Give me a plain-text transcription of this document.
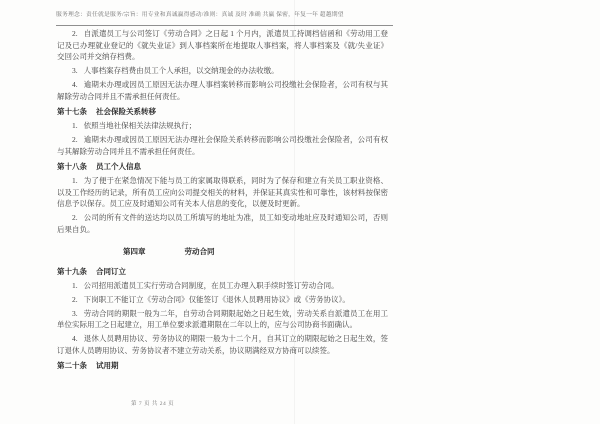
服务理念：责任就是服务/宗旨：用专业和真诚赢得感动/准则：真诚 及时 准确 共赢 保密，年复一年 超越期望

2. 自派遣员工与公司签订《劳动合同》之日起 1 个月内，派遣员工持调档信函和《劳动用工登记及已办理就业登记的《就失业证》到人事档案所在地提取人事档案，将人事档案及《就/失业证》交回公司并交纳存档费。

3. 人事档案存档费由员工个人承担，以交纳现金的办法收缴。

4. 逾期未办理或因员工原因无法办理人事档案转移而影响公司投缴社会保险者，公司有权与其解除劳动合同并且不需承担任何责任。

第十七条 社会保险关系转移

1. 依照当地社保相关法律法规执行；

2. 逾期未办理或因员工原因无法办理社会保险关系转移而影响公司投缴社会保险者，公司有权与其解除劳动合同并且不需承担任何责任。

第十八条 员工个人信息

1. 为了便于在紧急情况下能与员工的家属取得联系，同时为了保存和建立有关员工职业资格、以及工作经历的记录，所有员工应向公司提交相关的材料，并保证其真实性和可靠性，该材料按保密信息予以保存。员工应及时通知公司有关本人信息的变化，以便及时更新。

2. 公司的所有文件的送达均以员工所填写的地址为准，员工如变动地址应及时通知公司，否则后果自负。

第四章	劳动合同
第十九条 合同订立

1. 公司招用派遣员工实行劳动合同制度，在员工办理入职手续时签订劳动合同。

2. 下岗职工不能订立《劳动合同》仅能签订《退休人员聘用协议》或《劳务协议》。

3. 劳动合同的期限一般为二年，自劳动合同期限起始之日起生效，劳动关系自派遣员工在用工单位实际用工之日起建立，用工单位要求派遣期限在二年以上的，应与公司协商书面确认。

4. 退休人员聘用协议、劳务协议的期限一般为十二个月，自其订立的期限起始之日起生效，签订退休人员聘用协议、劳务协议者不建立劳动关系，协议期满经双方协商可以续签。

第二十条 试用期
第 7 页 共 24 页
